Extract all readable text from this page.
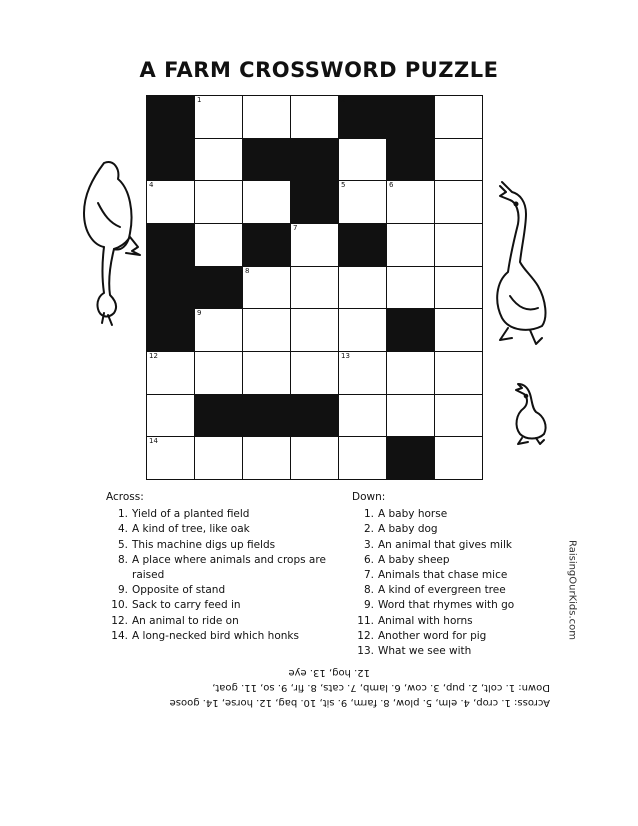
A FARM CROSSWORD PUZZLE
1	2
4	5	6
7
8
9
12	13
14
Across:
1. Yield of a planted field
4. A kind of tree, like oak
5. This machine digs up fields
8. A place where animals and crops are
raised
9. Opposite of stand
10. Sack to carry feed in
12. An animal to ride on
14. A long-necked bird which honks
Down:
1. A baby horse
2. A baby dog
3. An animal that gives milk
6. A baby sheep
7. Animals that chase mice
8. A kind of evergreen tree
9. Word that rhymes with go
11. Animal with horns
12. Another word for pig
13. What we see with
Across: 1. crop, 4. elm, 5. plow, 8. farm, 9. sit, 10. bag, 12. horse, 14. goose
Down: 1. colt, 2. pup, 3. cow, 6. lamb, 7. cats, 8. fir, 9. so, 11. goat,
12. hog, 13. eye
RaisingOurKids.com
